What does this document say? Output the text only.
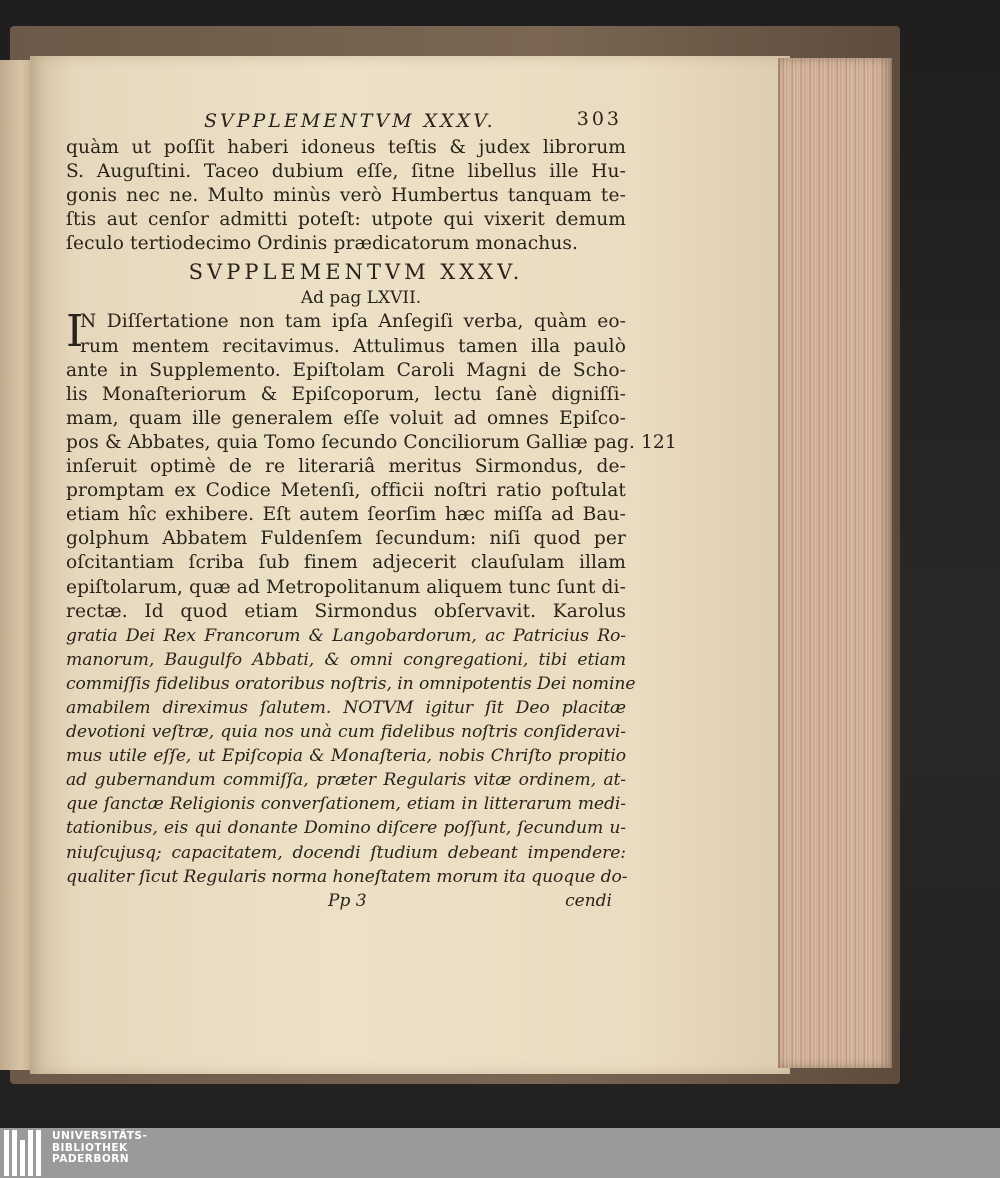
SVPPLEMENTVM XXXV.	303
quàm ut poſſit haberi idoneus teſtis & judex librorum
S. Auguſtini. Taceo dubium eſſe, ſitne libellus ille Hu-
gonis nec ne. Multo minùs verò Humbertus tanquam te-
ſtis aut cenſor admitti poteſt: utpote qui vixerit demum
ſeculo tertiodecimo Ordinis prædicatorum monachus.
SVPPLEMENTVM XXXV.
Ad pag LXVII.
I
N Diſſertatione non tam ipſa Anſegiſi verba, quàm eo-
rum mentem recitavimus. Attulimus tamen illa paulò
ante in Supplemento. Epiſtolam Caroli Magni de Scho-
lis Monaſteriorum & Epiſcoporum, lectu ſanè digniſſi-
mam, quam ille generalem eſſe voluit ad omnes Epiſco-
pos & Abbates, quia Tomo ſecundo Conciliorum Galliæ pag. 121
inſeruit optimè de re literariâ meritus Sirmondus, de-
promptam ex Codice Metenſi, officii noſtri ratio poſtulat
etiam hîc exhibere. Eſt autem ſeorſim hæc miſſa ad Bau-
golphum Abbatem Fuldenſem ſecundum: niſi quod per
oſcitantiam ſcriba ſub finem adjecerit clauſulam illam
epiſtolarum, quæ ad Metropolitanum aliquem tunc ſunt di-
rectæ. Id quod etiam Sirmondus obſervavit. Karolus
gratia Dei Rex Francorum & Langobardorum, ac Patricius Ro-
manorum, Baugulfo Abbati, & omni congregationi, tibi etiam
commiſſis fidelibus oratoribus noſtris, in omnipotentis Dei nomine
amabilem direximus ſalutem. NOTVM igitur ſit Deo placitæ
devotioni veſtræ, quia nos unà cum fidelibus noſtris conſideravi-
mus utile eſſe, ut Epiſcopia & Monaſteria, nobis Chriſto propitio
ad gubernandum commiſſa, præter Regularis vitæ ordinem, at-
que ſanctæ Religionis converſationem, etiam in litterarum medi-
tationibus, eis qui donante Domino diſcere poſſunt, ſecundum u-
niuſcujusq; capacitatem, docendi ſtudium debeant impendere:
qualiter ſicut Regularis norma honeſtatem morum ita quoque do-
Pp 3	cendi
UNIVERSITÄTS-
BIBLIOTHEK
PADERBORN
